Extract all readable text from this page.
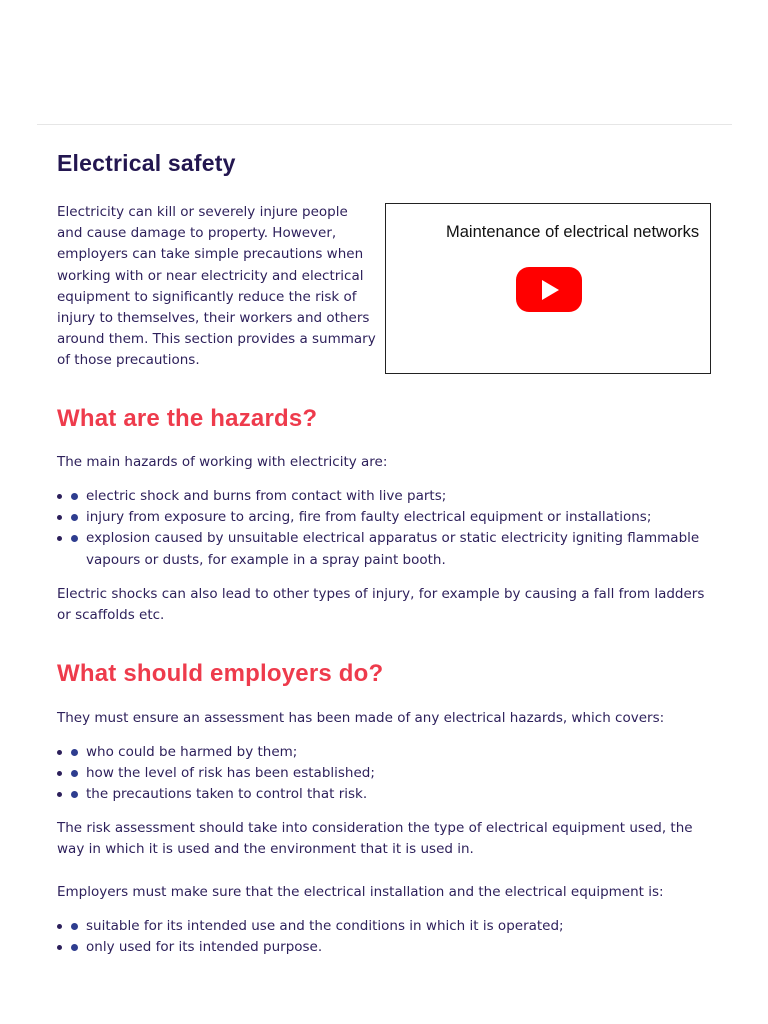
Electrical safety

Electricity can kill or severely injure people and cause damage to property. However, employers can take simple precautions when working with or near electricity and electrical equipment to significantly reduce the risk of injury to themselves, their workers and others around them. This section provides a summary of those precautions.

Maintenance of electrical networks
What are the hazards?

The main hazards of working with electricity are:

electric shock and burns from contact with live parts;
injury from exposure to arcing, fire from faulty electrical equipment or installations;
explosion caused by unsuitable electrical apparatus or static electricity igniting flammable vapours or dusts, for example in a spray paint booth.

Electric shocks can also lead to other types of injury, for example by causing a fall from ladders or scaffolds etc.

What should employers do?

They must ensure an assessment has been made of any electrical hazards, which covers:

who could be harmed by them;
how the level of risk has been established;
the precautions taken to control that risk.

The risk assessment should take into consideration the type of electrical equipment used, the way in which it is used and the environment that it is used in.

Employers must make sure that the electrical installation and the electrical equipment is:

suitable for its intended use and the conditions in which it is operated;
only used for its intended purpose.
